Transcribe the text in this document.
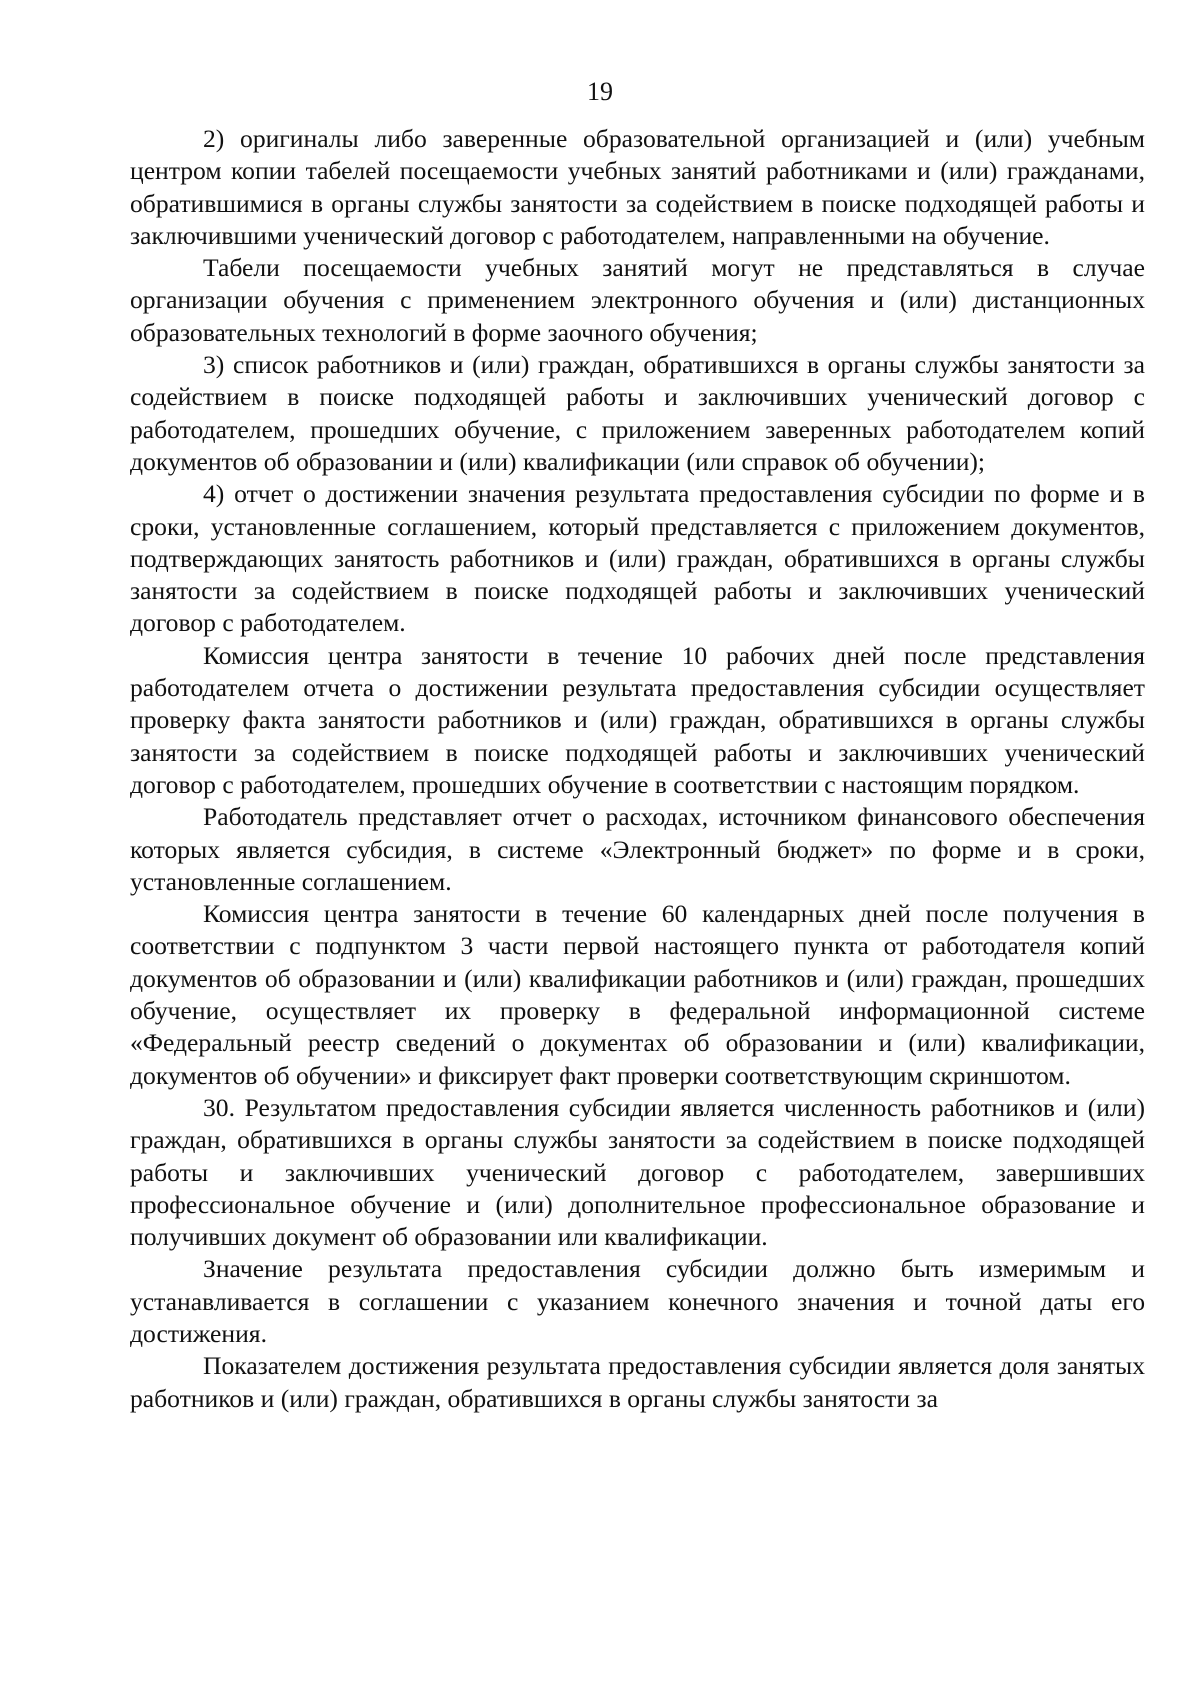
19

2) оригиналы либо заверенные образовательной организацией и (или) учебным центром копии табелей посещаемости учебных занятий работниками и (или) гражданами, обратившимися в органы службы занятости за содействием в поиске подходящей работы и заключившими ученический договор с работодателем, направленными на обучение.

Табели посещаемости учебных занятий могут не представляться в случае организации обучения с применением электронного обучения и (или) дистанционных образовательных технологий в форме заочного обучения;

3) список работников и (или) граждан, обратившихся в органы службы занятости за содействием в поиске подходящей работы и заключивших ученический договор с работодателем, прошедших обучение, с приложением заверенных работодателем копий документов об образовании и (или) квалификации (или справок об обучении);

4) отчет о достижении значения результата предоставления субсидии по форме и в сроки, установленные соглашением, который представляется с приложением документов, подтверждающих занятость работников и (или) граждан, обратившихся в органы службы занятости за содействием в поиске подходящей работы и заключивших ученический договор с работодателем.

Комиссия центра занятости в течение 10 рабочих дней после представления работодателем отчета о достижении результата предоставления субсидии осуществляет проверку факта занятости работников и (или) граждан, обратившихся в органы службы занятости за содействием в поиске подходящей работы и заключивших ученический договор с работодателем, прошедших обучение в соответствии с настоящим порядком.

Работодатель представляет отчет о расходах, источником финансового обеспечения которых является субсидия, в системе «Электронный бюджет» по форме и в сроки, установленные соглашением.

Комиссия центра занятости в течение 60 календарных дней после получения в соответствии с подпунктом 3 части первой настоящего пункта от работодателя копий документов об образовании и (или) квалификации работников и (или) граждан, прошедших обучение, осуществляет их проверку в федеральной информационной системе «Федеральный реестр сведений о документах об образовании и (или) квалификации, документов об обучении» и фиксирует факт проверки соответствующим скриншотом.

30. Результатом предоставления субсидии является численность работников и (или) граждан, обратившихся в органы службы занятости за содействием в поиске подходящей работы и заключивших ученический договор с работодателем, завершивших профессиональное обучение и (или) дополнительное профессиональное образование и получивших документ об образовании или квалификации.

Значение результата предоставления субсидии должно быть измеримым и устанавливается в соглашении с указанием конечного значения и точной даты его достижения.

Показателем достижения результата предоставления субсидии является доля занятых работников и (или) граждан, обратившихся в органы службы занятости за
